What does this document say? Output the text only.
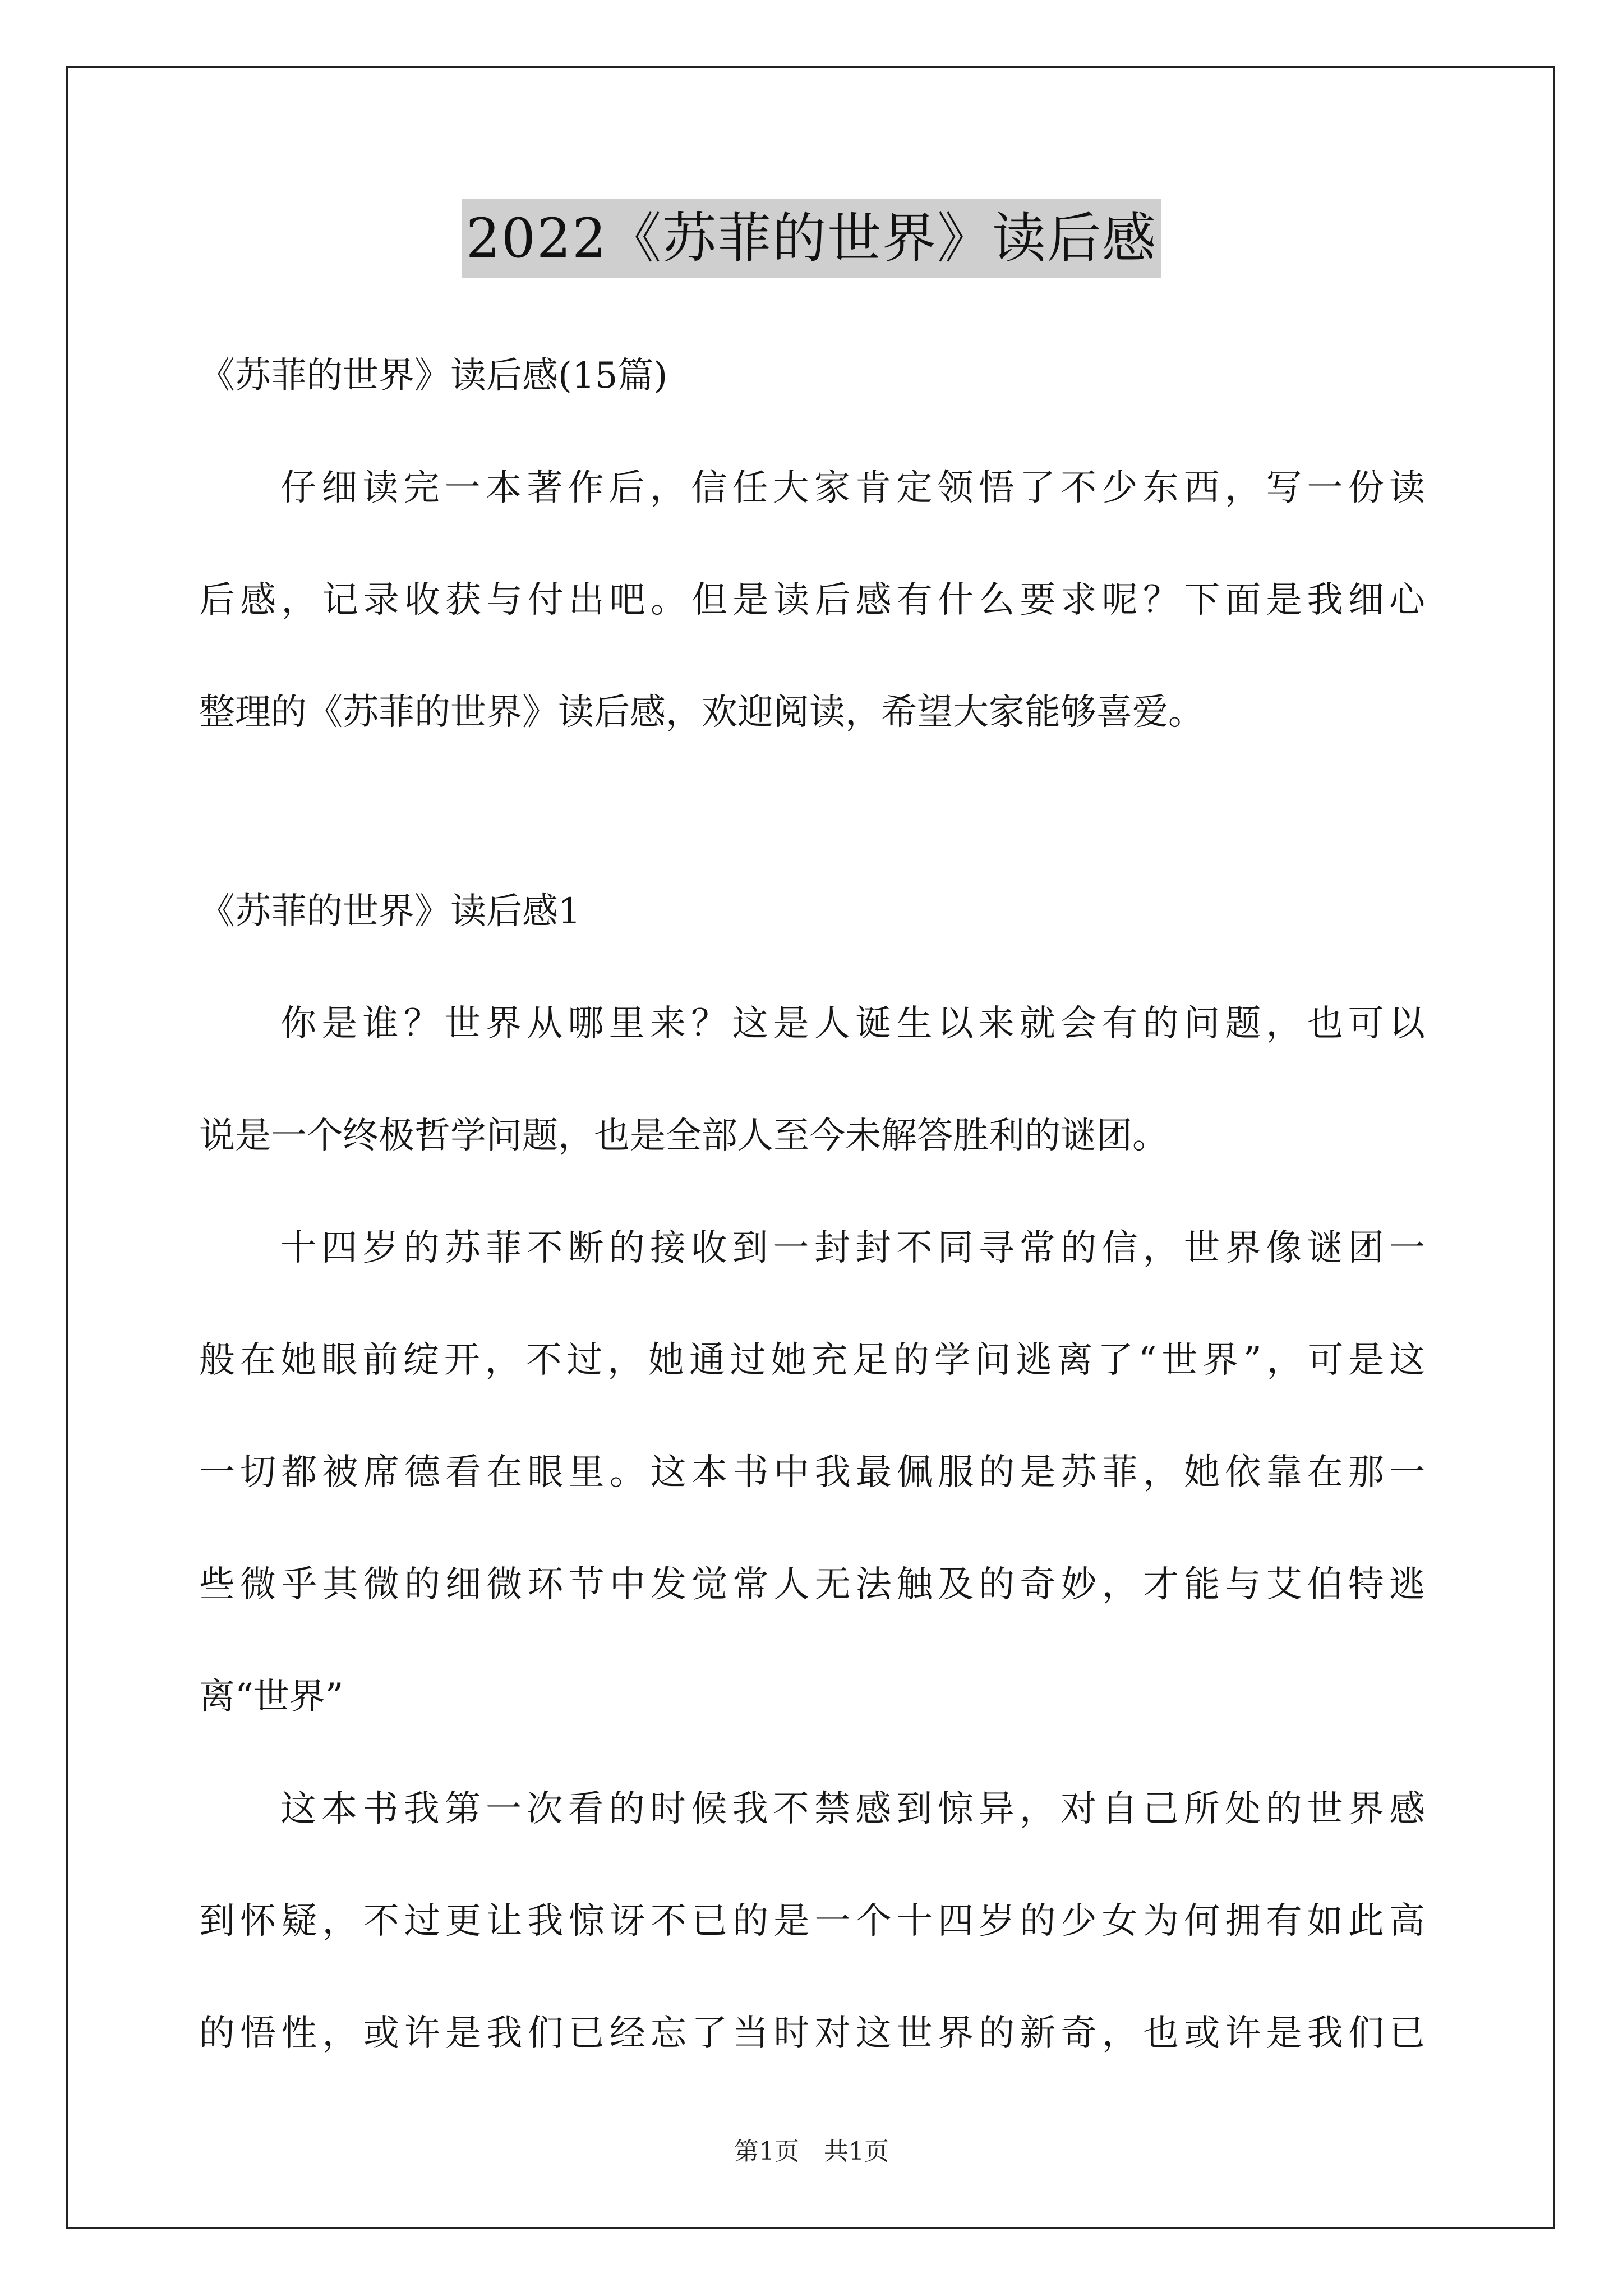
2022《苏菲的世界》读后感
《苏菲的世界》读后感(15篇)
仔细读完一本著作后，信任大家肯定领悟了不少东西，写一份读
后感，记录收获与付出吧。但是读后感有什么要求呢？下面是我细心
整理的《苏菲的世界》读后感，欢迎阅读，希望大家能够喜爱。
《苏菲的世界》读后感1
你是谁？世界从哪里来？这是人诞生以来就会有的问题，也可以
说是一个终极哲学问题，也是全部人至今未解答胜利的谜团。
十四岁的苏菲不断的接收到一封封不同寻常的信，世界像谜团一
般在她眼前绽开，不过，她通过她充足的学问逃离了“世界”，可是这
一切都被席德看在眼里。这本书中我最佩服的是苏菲，她依靠在那一
些微乎其微的细微环节中发觉常人无法触及的奇妙，才能与艾伯特逃
离“世界”
这本书我第一次看的时候我不禁感到惊异，对自己所处的世界感
到怀疑，不过更让我惊讶不已的是一个十四岁的少女为何拥有如此高
的悟性，或许是我们已经忘了当时对这世界的新奇，也或许是我们已
第1页　共1页
